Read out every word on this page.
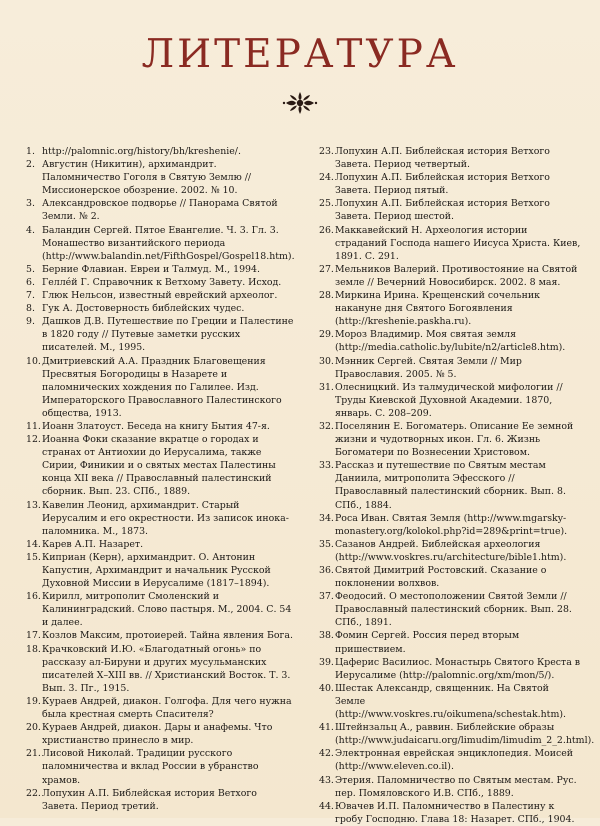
ЛИТЕРАТУРА
1. http://palomnic.org/history/bh/kreshenie/.
2. Августин (Никитин), архимандрит. Паломничество Гоголя в Святую Землю // Миссионерское обозрение. 2002. № 10.
3. Александровское подворье // Панорама Святой Земли. № 2.
4. Баландин Сергей. Пятое Евангелие. Ч. 3. Гл. 3. Монашество византийского периода (http://www.balandin.net/FifthGospel/Gospel18.htm).
5. Берние Флавиан. Евреи и Талмуд. М., 1994.
6. Гелле́й Г. Справочник к Ветхому Завету. Исход.
7. Глюк Нельсон, известный еврейский археолог.
8. Гук А. Достоверность библейских чудес.
9. Дашков Д.В. Путешествие по Греции и Палестине в 1820 году // Путевые заметки русских писателей. М., 1995.
10. Дмитриевский А.А. Праздник Благовещения Пресвятыя Богородицы в Назарете и паломнических хождения по Галилее. Изд. Императорского Православного Палестинского общества, 1913.
11. Иоанн Златоуст. Беседа на книгу Бытия 47-я.
12. Иоанна Фоки сказание вкратце о городах и странах от Антиохии до Иерусалима, также Сирии, Финикии и о святых местах Палестины конца XII века // Православный палестинский сборник. Вып. 23. СПб., 1889.
13. Кавелин Леонид, архимандрит. Старый Иерусалим и его окрестности. Из записок инока-паломника. М., 1873.
14. Карев А.П. Назарет.
15. Киприан (Керн), архимандрит. О. Антонин Капустин, Архимандрит и начальник Русской Духовной Миссии в Иерусалиме (1817–1894).
16. Кирилл, митрополит Смоленский и Калининградский. Слово пастыря. М., 2004. С. 54 и далее.
17. Козлов Максим, протоиерей. Тайна явления Бога.
18. Крачковский И.Ю. «Благодатный огонь» по рассказу ал-Бируни и других мусульманских писателей X–XIII вв. // Христианский Восток. Т. 3. Вып. 3. Пг., 1915.
19. Кураев Андрей, диакон. Голгофа. Для чего нужна была крестная смерть Спасителя?
20. Кураев Андрей, диакон. Дары и анафемы. Что христианство принесло в мир.
21. Лисовой Николай. Традиции русского паломничества и вклад России в убранство храмов.
22. Лопухин А.П. Библейская история Ветхого Завета. Период третий.
23. Лопухин А.П. Библейская история Ветхого Завета. Период четвертый.
24. Лопухин А.П. Библейская история Ветхого Завета. Период пятый.
25. Лопухин А.П. Библейская история Ветхого Завета. Период шестой.
26. Маккавейский Н. Археология истории страданий Господа нашего Иисуса Христа. Киев, 1891. С. 291.
27. Мельников Валерий. Противостояние на Святой земле // Вечерний Новосибирск. 2002. 8 мая.
28. Миркина Ирина. Крещенский сочельник накануне дня Святого Богоявления (http://kreshenie.paskha.ru).
29. Мороз Владимир. Моя святая земля (http://media.catholic.by/lubite/n2/article8.htm).
30. Мэнник Сергей. Святая Земли // Мир Православия. 2005. № 5.
31. Олесницкий. Из талмудической мифологии // Труды Киевской Духовной Академии. 1870, январь. С. 208–209.
32. Поселянин Е. Богоматерь. Описание Ее земной жизни и чудотворных икон. Гл. 6. Жизнь Богоматери по Вознесении Христовом.
33. Рассказ и путешествие по Святым местам Даниила, митрополита Эфесского // Православный палестинский сборник. Вып. 8. СПб., 1884.
34. Роса Иван. Святая Земля (http://www.mgarsky-monastery.org/kolokol.php?id=289&print=true).
35. Сазанов Андрей. Библейская археология (http://www.voskres.ru/architecture/bible1.htm).
36. Святой Димитрий Ростовский. Сказание о поклонении волхвов.
37. Феодосий. О местоположении Святой Земли // Православный палестинский сборник. Вып. 28. СПб., 1891.
38. Фомин Сергей. Россия перед вторым пришествием.
39. Цаферис Василиос. Монастырь Святого Креста в Иерусалиме (http://palomnic.org/xm/mon/5/).
40. Шестак Александр, священник. На Святой Земле (http://www.voskres.ru/oikumena/schestak.htm).
41. Штейнзальц А., раввин. Библейские образы (http://www.judaicaru.org/limudim/limudim_2_2.html).
42. Электронная еврейская энциклопедия. Моисей (http://www.eleven.co.il).
43. Этерия. Паломничество по Святым местам. Рус. пер. Помяловского И.В. СПб., 1889.
44. Ювачев И.П. Паломничество в Палестину к гробу Господню. Глава 18: Назарет. СПб., 1904.
